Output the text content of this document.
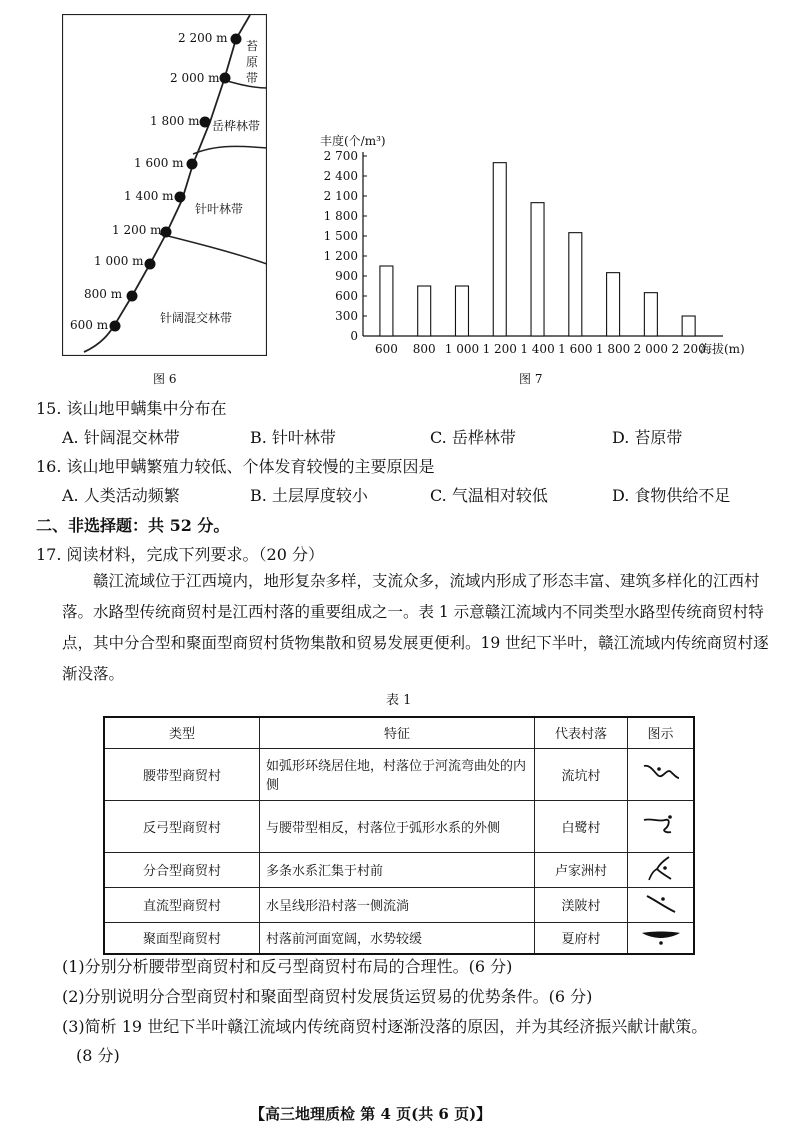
2 200 m
2 000 m
1 800 m
1 600 m
1 400 m
1 200 m
1 000 m
800 m
600 m
苔
原
带
岳桦林带
针叶林带
针阔混交林带
图 6
丰度(个/m³)
0
300
600
900
1 200
1 500
1 800
2 100
2 400
2 700
600 800 1 000 1 200 1 400 1 600 1 800 2 000 2 200
海拔(m)
图 7
15. 该山地甲螨集中分布在
A. 针阔混交林带	B. 针叶林带	C. 岳桦林带	D. 苔原带
16. 该山地甲螨繁殖力较低、个体发育较慢的主要原因是
A. 人类活动频繁	B. 土层厚度较小	C. 气温相对较低	D. 食物供给不足
二、非选择题：共 52 分。
17. 阅读材料，完成下列要求。（20 分）
赣江流域位于江西境内，地形复杂多样，支流众多，流域内形成了形态丰富、建筑多样化的江西村落。水路型传统商贸村是江西村落的重要组成之一。表 1 示意赣江流域内不同类型水路型传统商贸村特点，其中分合型和聚面型商贸村货物集散和贸易发展更便利。19 世纪下半叶，赣江流域内传统商贸村逐渐没落。
表 1
类型	特征	代表村落	图示
腰带型商贸村	如弧形环绕居住地，村落位于河流弯曲处的内侧	流坑村	
反弓型商贸村	与腰带型相反，村落位于弧形水系的外侧	白鹭村	
分合型商贸村	多条水系汇集于村前	卢家洲村	
直流型商贸村	水呈线形沿村落一侧流淌	渼陂村	
聚面型商贸村	村落前河面宽阔，水势较缓	夏府村	
(1)分别分析腰带型商贸村和反弓型商贸村布局的合理性。(6 分)
(2)分别说明分合型商贸村和聚面型商贸村发展货运贸易的优势条件。(6 分)
(3)简析 19 世纪下半叶赣江流域内传统商贸村逐渐没落的原因，并为其经济振兴献计献策。
(8 分)
【高三地理质检 第 4 页(共 6 页)】
